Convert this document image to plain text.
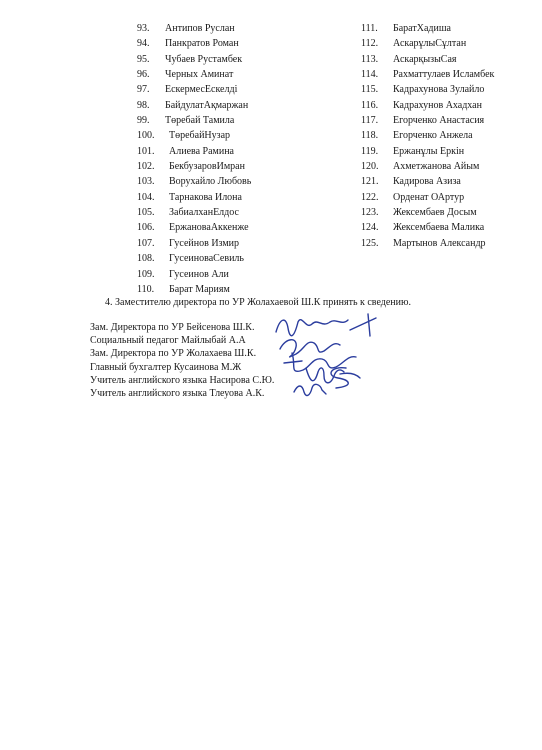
93. Антипов Руслан
94. Панкратов Роман
95. Чубаев Рустамбек
96. Черных Аминат
97. ЕскермесЕскелді
98. БайдулатАқмаржан
99. Төребай Тамила
100. ТөребайНузар
101. Алиева Рамина
102. БекбузаровИмран
103. Ворухайло Любовь
104. Тарнакова Илона
105. ЗабиалханЕлдос
106. ЕржановаАккенже
107. Гусейнов Измир
108. ГусеиноваСевиль
109. Гусеинов Али
110. Барат Мариям
111. БаратХадиша
112. АскарұлыСұлтан
113. АскарқызыСая
114. Рахматтулаев Исламбек
115. Кадрахунова Зулайло
116. Кадрахунов Ахадхан
117. Егорченко Анастасия
118. Егорченко Анжела
119. Ержанұлы Еркін
120. Ахметжанова Айым
121. Кадирова Азиза
122. Орденат ОАртур
123. Жексембаев Досым
124. Жексембаева Малика
125. Мартынов Александр
4. Заместителю директора по УР Жолахаевой Ш.К принять к сведению.
Зам. Директора по УР Бейсенова Ш.К.
Социальный педагог Майлыбай А.А
Зам. Директора по УР Жолахаева Ш.К.
Главный бухгалтер Кусаинова М.Ж
Учитель английского языка Насирова С.Ю.
Учитель английского языка Тлеуова А.К.
